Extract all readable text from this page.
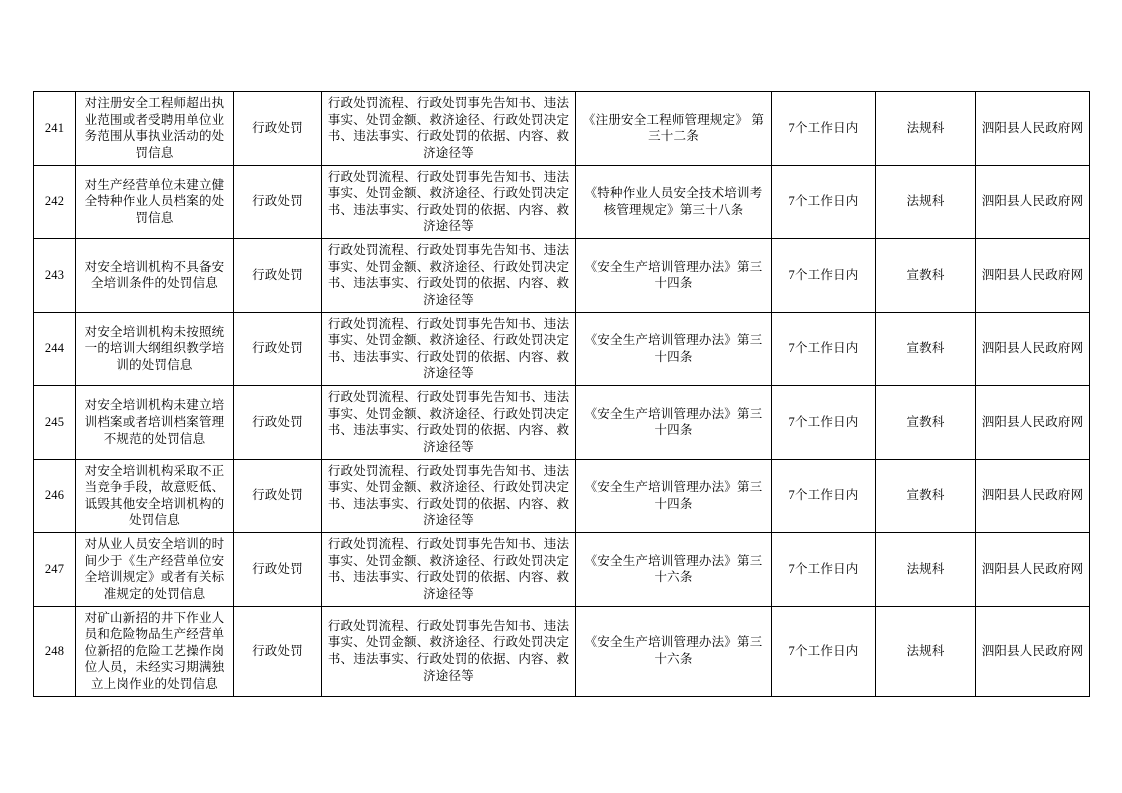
241	对注册安全工程师超出执业范围或者受聘用单位业务范围从事执业活动的处罚信息	行政处罚	行政处罚流程、行政处罚事先告知书、违法事实、处罚金额、救济途径、行政处罚决定书、违法事实、行政处罚的依据、内容、救济途径等	《注册安全工程师管理规定》 第三十二条	7个工作日内	法规科	泗阳县人民政府网
242	对生产经营单位未建立健全特种作业人员档案的处罚信息	行政处罚	行政处罚流程、行政处罚事先告知书、违法事实、处罚金额、救济途径、行政处罚决定书、违法事实、行政处罚的依据、内容、救济途径等	《特种作业人员安全技术培训考核管理规定》第三十八条	7个工作日内	法规科	泗阳县人民政府网
243	对安全培训机构不具备安全培训条件的处罚信息	行政处罚	行政处罚流程、行政处罚事先告知书、违法事实、处罚金额、救济途径、行政处罚决定书、违法事实、行政处罚的依据、内容、救济途径等	《安全生产培训管理办法》第三十四条	7个工作日内	宣教科	泗阳县人民政府网
244	对安全培训机构未按照统一的培训大纲组织教学培训的处罚信息	行政处罚	行政处罚流程、行政处罚事先告知书、违法事实、处罚金额、救济途径、行政处罚决定书、违法事实、行政处罚的依据、内容、救济途径等	《安全生产培训管理办法》第三十四条	7个工作日内	宣教科	泗阳县人民政府网
245	对安全培训机构未建立培训档案或者培训档案管理不规范的处罚信息	行政处罚	行政处罚流程、行政处罚事先告知书、违法事实、处罚金额、救济途径、行政处罚决定书、违法事实、行政处罚的依据、内容、救济途径等	《安全生产培训管理办法》第三十四条	7个工作日内	宣教科	泗阳县人民政府网
246	对安全培训机构采取不正当竞争手段，故意贬低、诋毁其他安全培训机构的处罚信息	行政处罚	行政处罚流程、行政处罚事先告知书、违法事实、处罚金额、救济途径、行政处罚决定书、违法事实、行政处罚的依据、内容、救济途径等	《安全生产培训管理办法》第三十四条	7个工作日内	宣教科	泗阳县人民政府网
247	对从业人员安全培训的时间少于《生产经营单位安全培训规定》或者有关标准规定的处罚信息	行政处罚	行政处罚流程、行政处罚事先告知书、违法事实、处罚金额、救济途径、行政处罚决定书、违法事实、行政处罚的依据、内容、救济途径等	《安全生产培训管理办法》第三十六条	7个工作日内	法规科	泗阳县人民政府网
248	对矿山新招的井下作业人员和危险物品生产经营单位新招的危险工艺操作岗位人员，未经实习期满独立上岗作业的处罚信息	行政处罚	行政处罚流程、行政处罚事先告知书、违法事实、处罚金额、救济途径、行政处罚决定书、违法事实、行政处罚的依据、内容、救济途径等	《安全生产培训管理办法》第三十六条	7个工作日内	法规科	泗阳县人民政府网
